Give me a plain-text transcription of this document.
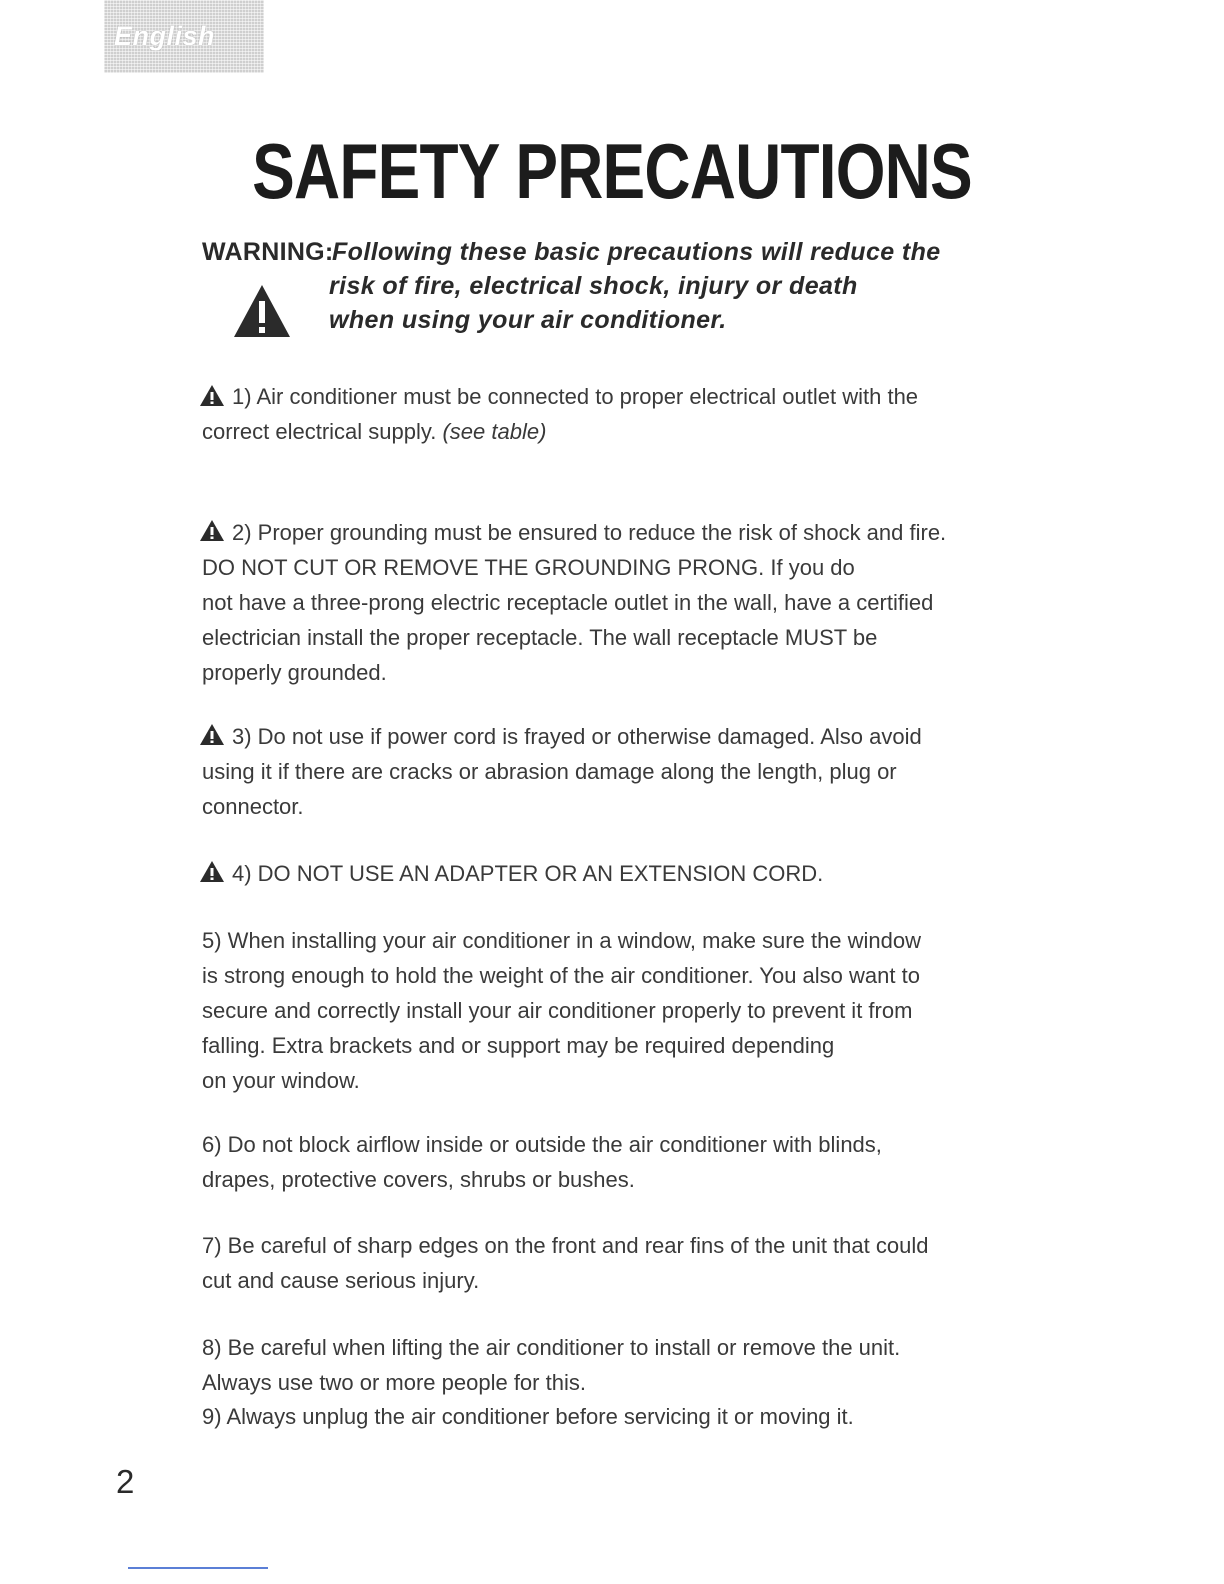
English
SAFETY PRECAUTIONS
WARNING:
Following these basic precautions will reduce the
risk of fire, electrical shock, injury or death
when using your air conditioner.
1) Air conditioner must be connected to proper electrical outlet with the
correct electrical supply. (see table)
2) Proper grounding must be ensured to reduce the risk of shock and fire.
DO NOT CUT OR REMOVE THE GROUNDING PRONG. If you do
not have a three-prong electric receptacle outlet in the wall, have a certified
electrician install the proper receptacle. The wall receptacle MUST be
properly grounded.
3) Do not use if power cord is frayed or otherwise damaged. Also avoid
using it if there are cracks or abrasion damage along the length, plug or
connector.
4) DO NOT USE AN ADAPTER OR AN EXTENSION CORD.
5) When installing your air conditioner in a window, make sure the window
is strong enough to hold the weight of the air conditioner. You also want to
secure and correctly install your air conditioner properly to prevent it from
falling. Extra brackets and or support may be required depending
on your window.
6) Do not block airflow inside or outside the air conditioner with blinds,
drapes, protective covers, shrubs or bushes.
7) Be careful of sharp edges on the front and rear fins of the unit that could
cut and cause serious injury.
8) Be careful when lifting the air conditioner to install or remove the unit.
Always use two or more people for this.
9) Always unplug the air conditioner before servicing it or moving it.
2
